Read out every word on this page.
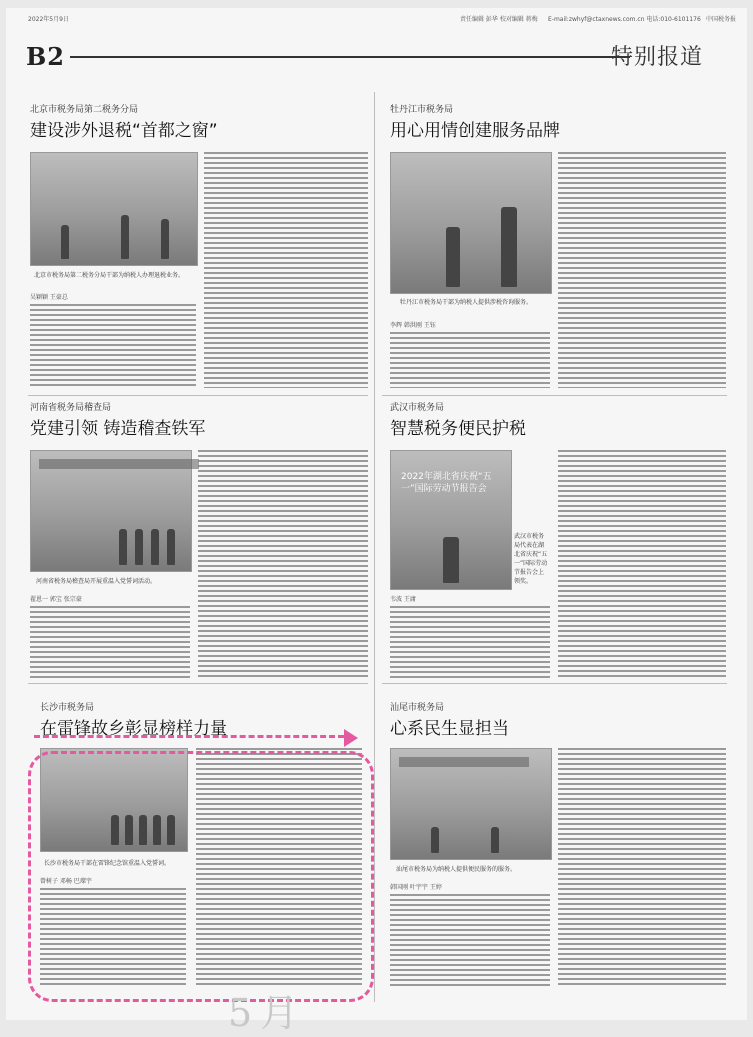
2022年5月9日	责任编辑 彭华 校对编辑 蒋梅 E-mail:zwhyf@ctaxnews.com.cn 电话:010-6101176 中国税务报
B2	特别报道
北京市税务局第二税务分局
建设涉外退税“首都之窗”
北京市税务局第二税务分局干部为纳税人办理退税业务。
吴颖颖 王豪总
牡丹江市税务局
用心用情创建服务品牌
牡丹江市税务局干部为纳税人提供涉税咨询服务。
李辉 韩洪刚 王钰
河南省税务局稽查局
党建引领 铸造稽查铁军
河南省税务局稽查局开展重温入党誓词活动。
翟恩一 郭宝 张宗豪
武汉市税务局
智慧税务便民护税
2022年湖北省庆祝“五一”国际劳动节报告会
武汉市税务局代表在湖北省庆祝“五一”国际劳动节报告会上领奖。
韦波 王庸
长沙市税务局
在雷锋故乡彰显榜样力量
长沙市税务局干部在雷锋纪念馆重温入党誓词。
曾树子 邓畅 巴璨宇
汕尾市税务局
心系民生显担当
汕尾市税务局为纳税人提供便民服务的服务。
韩国刚 叶宇宇 王婷
5月
